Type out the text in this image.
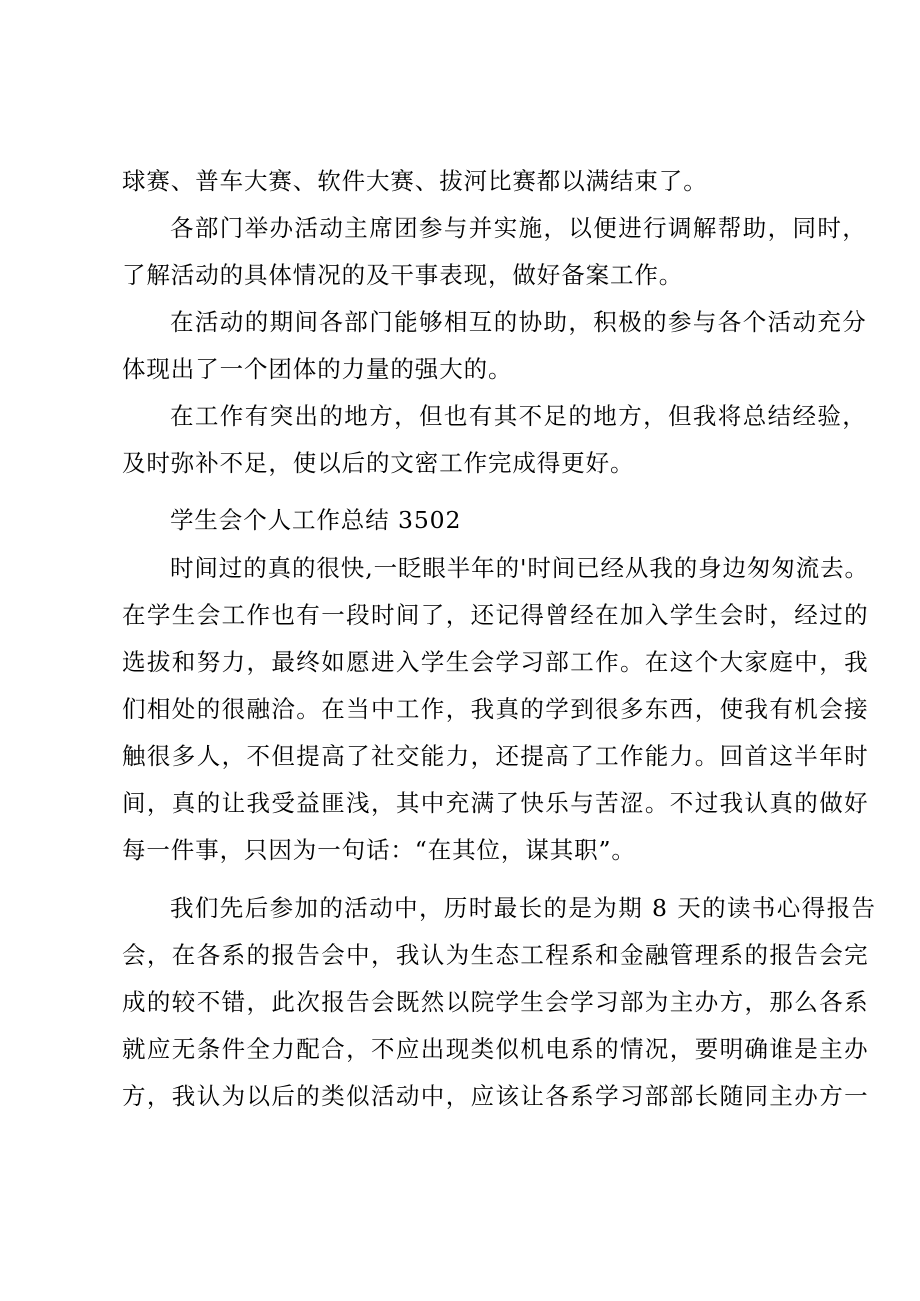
球赛、普车大赛、软件大赛、拔河比赛都以满结束了。
各部门举办活动主席团参与并实施，以便进行调解帮助，同时，
了解活动的具体情况的及干事表现，做好备案工作。
在活动的期间各部门能够相互的协助，积极的参与各个活动充分
体现出了一个团体的力量的强大的。
在工作有突出的地方，但也有其不足的地方，但我将总结经验，
及时弥补不足，使以后的文密工作完成得更好。
学生会个人工作总结 3502
时间过的真的很快,一眨眼半年的'时间已经从我的身边匆匆流去。
在学生会工作也有一段时间了，还记得曾经在加入学生会时，经过的
选拔和努力，最终如愿进入学生会学习部工作。在这个大家庭中，我
们相处的很融洽。在当中工作，我真的学到很多东西，使我有机会接
触很多人，不但提高了社交能力，还提高了工作能力。回首这半年时
间，真的让我受益匪浅，其中充满了快乐与苦涩。不过我认真的做好
每一件事，只因为一句话：“在其位，谋其职”。
我们先后参加的活动中，历时最长的是为期 8 天的读书心得报告
会，在各系的报告会中，我认为生态工程系和金融管理系的报告会完
成的较不错，此次报告会既然以院学生会学习部为主办方，那么各系
就应无条件全力配合，不应出现类似机电系的情况，要明确谁是主办
方，我认为以后的类似活动中，应该让各系学习部部长随同主办方一
